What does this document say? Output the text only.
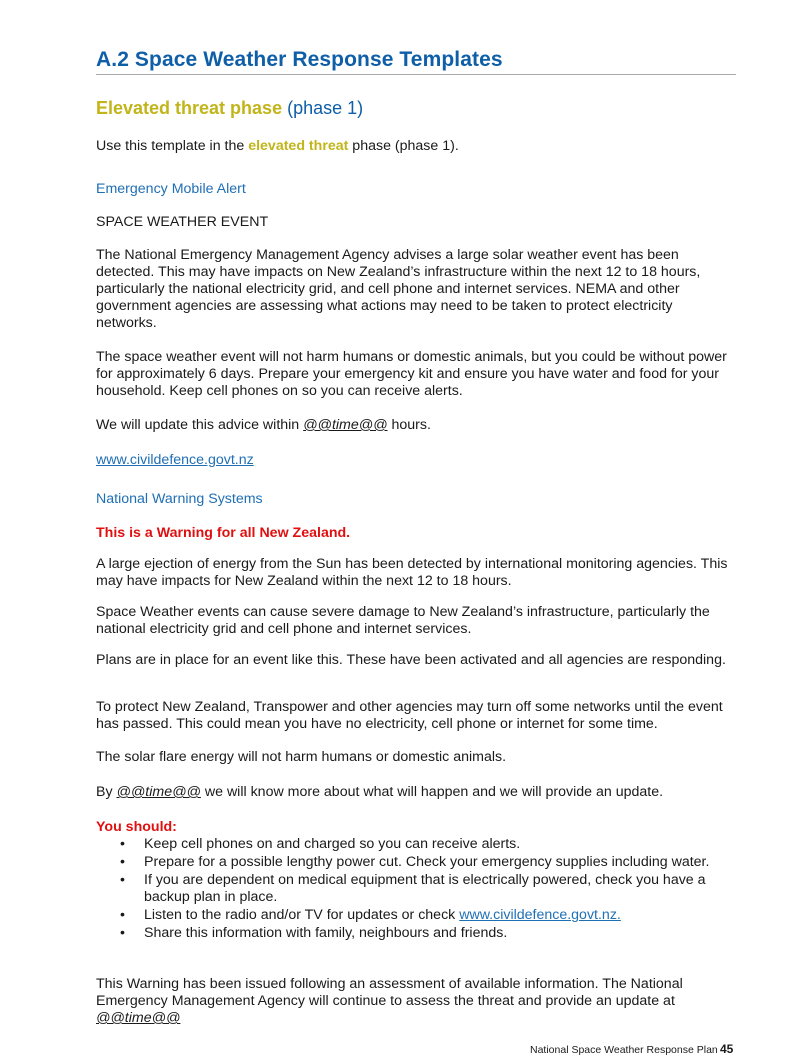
A.2 Space Weather Response Templates
Elevated threat phase (phase 1)
Use this template in the elevated threat phase (phase 1).
Emergency Mobile Alert
SPACE WEATHER EVENT
The National Emergency Management Agency advises a large solar weather event has been detected. This may have impacts on New Zealand’s infrastructure within the next 12 to 18 hours, particularly the national electricity grid, and cell phone and internet services. NEMA and other government agencies are assessing what actions may need to be taken to protect electricity networks.
The space weather event will not harm humans or domestic animals, but you could be without power for approximately 6 days. Prepare your emergency kit and ensure you have water and food for your household. Keep cell phones on so you can receive alerts.
We will update this advice within @@time@@ hours.
www.civildefence.govt.nz
National Warning Systems
This is a Warning for all New Zealand.
A large ejection of energy from the Sun has been detected by international monitoring agencies. This may have impacts for New Zealand within the next 12 to 18 hours.
Space Weather events can cause severe damage to New Zealand’s infrastructure, particularly the national electricity grid and cell phone and internet services.
Plans are in place for an event like this. These have been activated and all agencies are responding.
To protect New Zealand, Transpower and other agencies may turn off some networks until the event has passed. This could mean you have no electricity, cell phone or internet for some time.
The solar flare energy will not harm humans or domestic animals.
By @@time@@ we will know more about what will happen and we will provide an update.
You should:
• Keep cell phones on and charged so you can receive alerts.
• Prepare for a possible lengthy power cut. Check your emergency supplies including water.
• If you are dependent on medical equipment that is electrically powered, check you have a backup plan in place.
• Listen to the radio and/or TV for updates or check www.civildefence.govt.nz.
• Share this information with family, neighbours and friends.
This Warning has been issued following an assessment of available information. The National Emergency Management Agency will continue to assess the threat and provide an update at @@time@@
National Space Weather Response Plan 45
